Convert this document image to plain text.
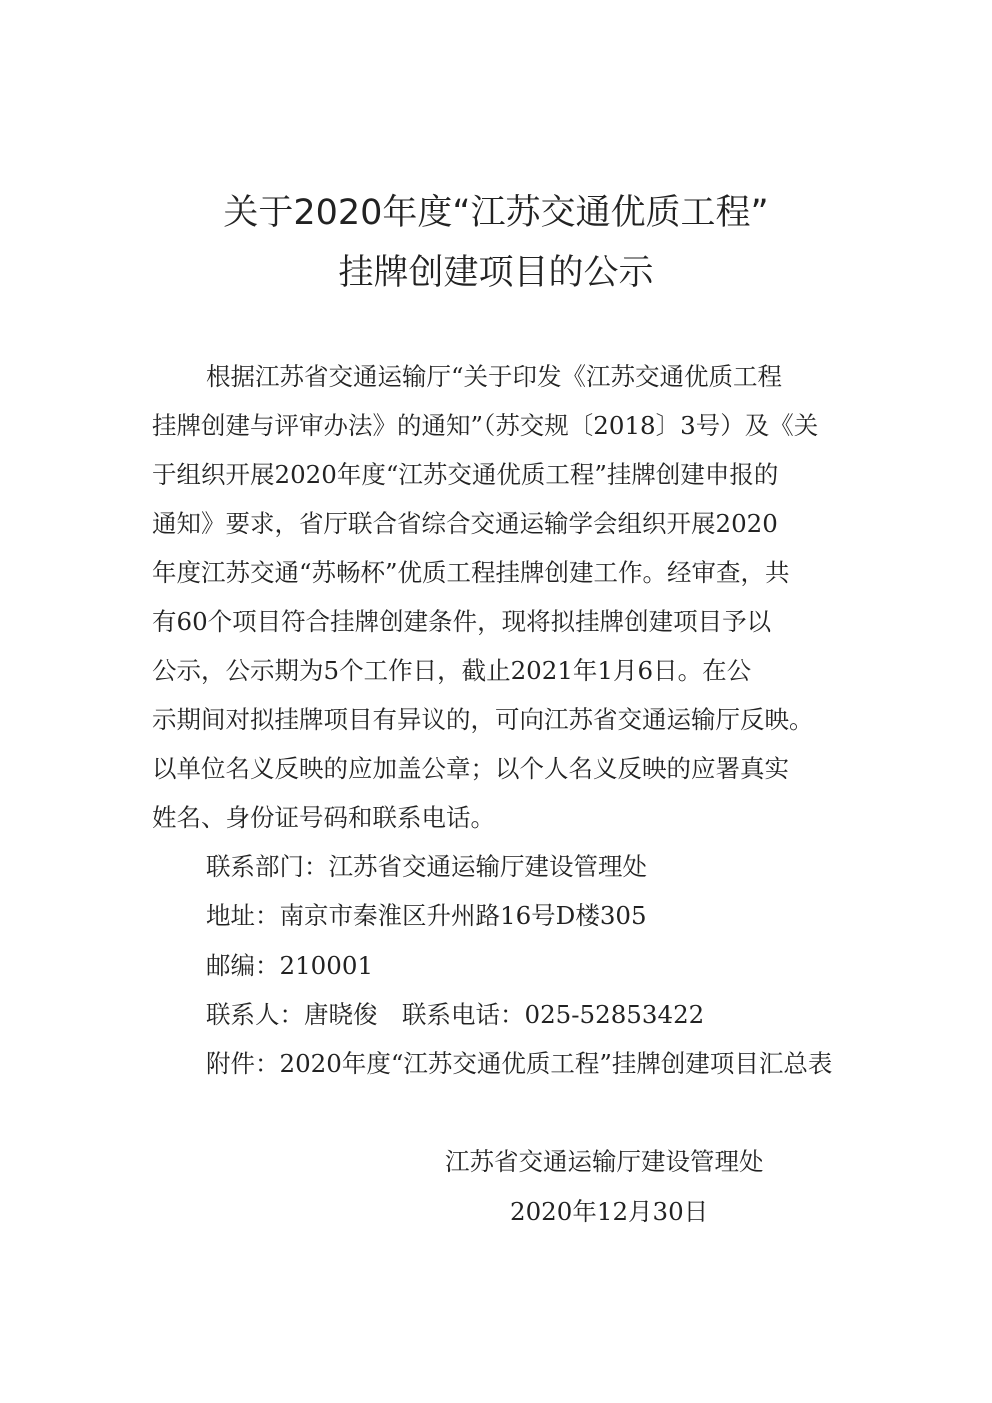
关于2020年度“江苏交通优质工程”
挂牌创建项目的公示
根据江苏省交通运输厅“关于印发《江苏交通优质工程
挂牌创建与评审办法》的通知”（苏交规〔2018〕3号）及《关
于组织开展2020年度“江苏交通优质工程”挂牌创建申报的
通知》要求，省厅联合省综合交通运输学会组织开展2020
年度江苏交通“苏畅杯”优质工程挂牌创建工作。经审查，共
有60个项目符合挂牌创建条件，现将拟挂牌创建项目予以
公示，公示期为5个工作日，截止2021年1月6日。在公
示期间对拟挂牌项目有异议的，可向江苏省交通运输厅反映。
以单位名义反映的应加盖公章；以个人名义反映的应署真实
姓名、身份证号码和联系电话。
联系部门：江苏省交通运输厅建设管理处
地址：南京市秦淮区升州路16号D楼305
邮编：210001
联系人：唐晓俊　联系电话：025-52853422
附件：2020年度“江苏交通优质工程”挂牌创建项目汇总表
江苏省交通运输厅建设管理处
2020年12月30日
